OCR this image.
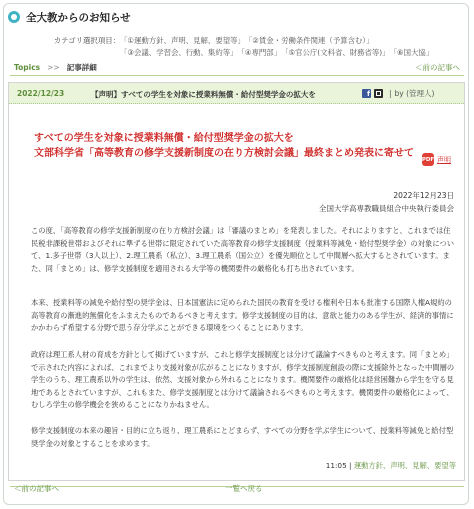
全大教からのお知らせ
カテゴリ選択項目： 「①運動方針、声明、見解、要望等」 「②賃金・労働条件関連（予算含む）」
「③会議、学習会、行動、集約等」 「④専門部」 「⑤官公庁(文科省、財務省等)」 「⑥国大協」
Topics >> 記事詳細	＜前の記事へ
2022/12/23	【声明】すべての学生を対象に授業料無償・給付型奨学金の拡大を	f	| by (管理人)
すべての学生を対象に授業料無償・給付型奨学金の拡大を
文部科学省「高等教育の修学支援新制度の在り方検討会議」最終まとめ発表に寄せて
PDF 声明
2022年12月23日
全国大学高専教職員組合中央執行委員会
この度、「高等教育の修学支援新制度の在り方検討会議」は「審議のまとめ」を発表しました。それによりますと、これまでは住民税非課税世帯およびそれに準ずる世帯に限定されていた高等教育の修学支援制度（授業料等減免・給付型奨学金）の対象について、1.多子世帯（3人以上）、2.理工農系（私立）、3.理工農系（国公立）を優先順位として中間層へ拡大するとされています。また、同「まとめ」は、修学支援制度を適用される大学等の機関要件の厳格化も打ち出されています。
本来、授業料等の減免や給付型の奨学金は、日本国憲法に定められた国民の教育を受ける権利や日本も批准する国際人権A規約の高等教育の漸進的無償化をふまえたものであるべきと考えます。修学支援制度の目的は、意欲と能力のある学生が、経済的事情にかかわらず希望する分野で思う存分学ぶことができる環境をつくることにあります。
政府は理工系人材の育成を方針として掲げていますが、これと修学支援制度とは分けて議論すべきものと考えます。同「まとめ」で示された内容によれば、これまでより支援対象が広がることになりますが、修学支援制度創設の際に支援除外となった中間層の学生のうち、理工農系以外の学生は、依然、支援対象から外れることになります。機関要件の厳格化は経営困難から学生を守る見地であるとされていますが、これもまた、修学支援制度とは分けて議論されるべきものと考えます。機関要件の厳格化によって、むしろ学生の修学機会を狭めることになりかねません。
修学支援制度の本来の趣旨・目的に立ち返り、理工農系にとどまらず、すべての分野を学ぶ学生について、授業料等減免と給付型奨学金の対象とすることを求めます。
11:05 | 運動方針、声明、見解、要望等
＜前の記事へ	一覧へ戻る
